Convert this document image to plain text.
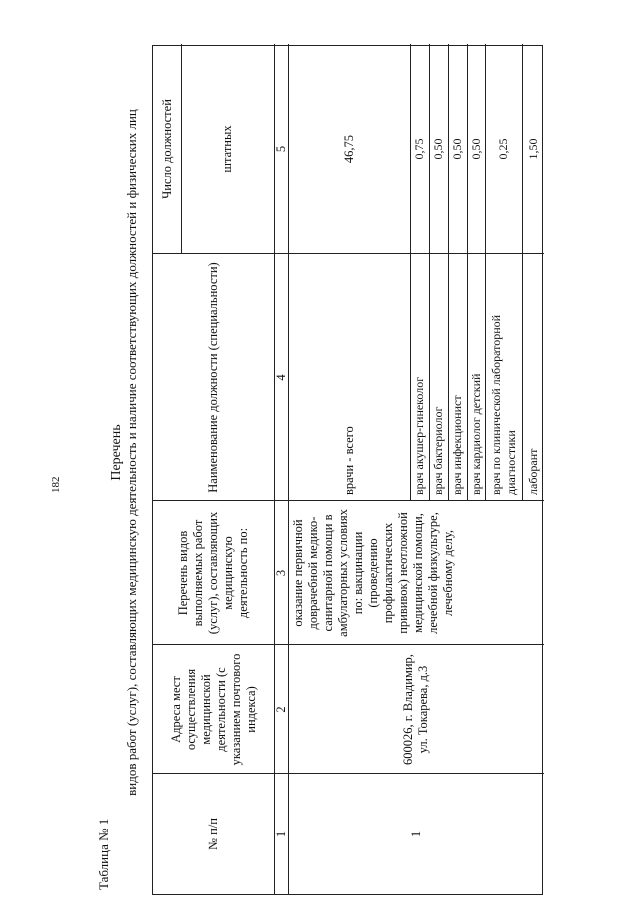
182
Таблица № 1
Перечень видов работ (услуг), составляющих медицинскую деятельность и наличие соответствующих должностей и физических лиц
№ п/п
Адреса мест осуществления медицинской деятельности (с указанием почтового индекса)
Перечень видов выполняемых работ (услуг), составляющих медицинскую деятельность по:
Наименование должности (специальности)
Число должностей	штатных
1
2
3
4
5
1
600026, г. Владимир, ул. Токарева, д.3
оказание первичной доврачебной медико-санитарной помощи в амбулаторных условиях по: вакцинации (проведению профилактических прививок) неотложной медицинской помощи, лечебной физкультуре, лечебному делу,
врачи - всего
46,75
врач акушер-гинеколог
0,75
врач бактериолог
0,50
врач инфекционист
0,50
врач кардиолог детский
0,50
врач по клинической лабораторной диагностики
0,25
лаборант
1,50
